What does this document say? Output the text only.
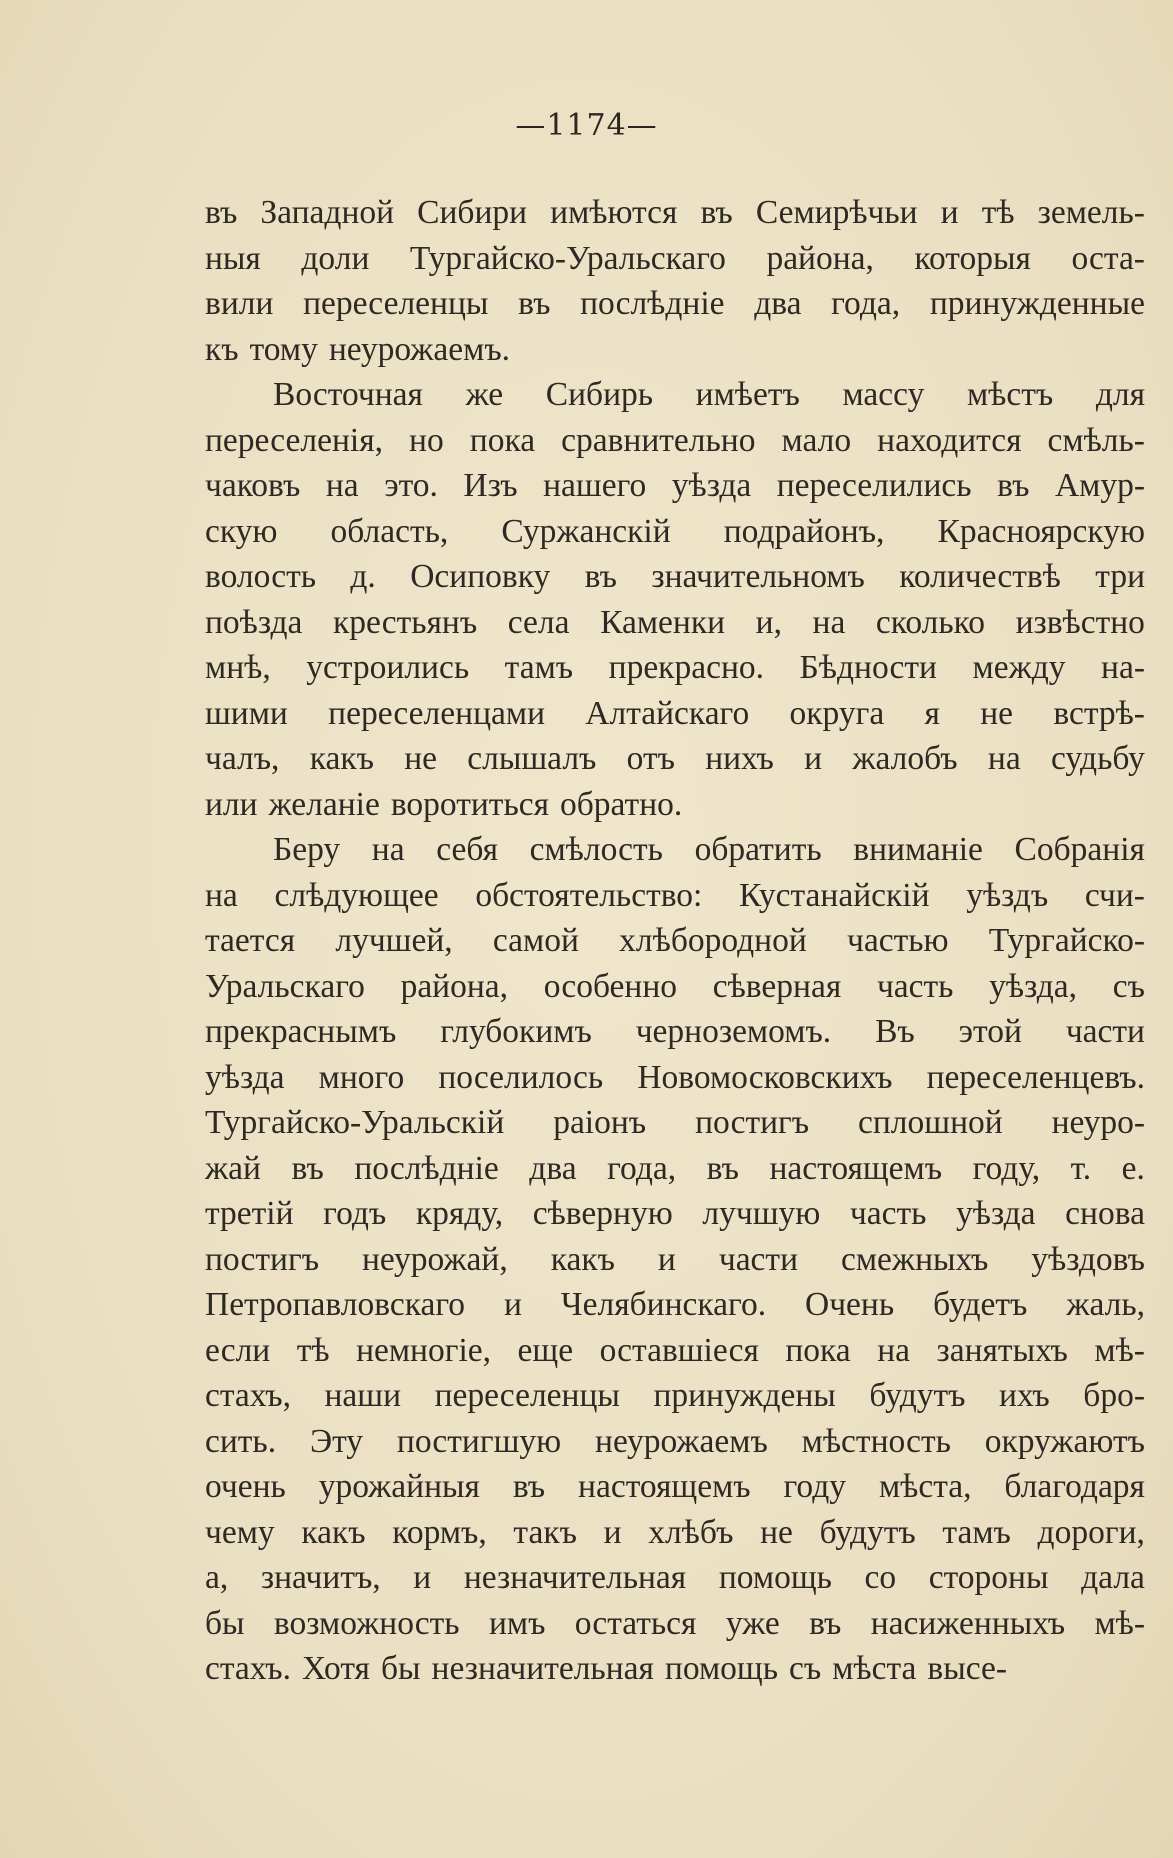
—1174—
въ Западной Сибири имѣются въ Семирѣчьи и тѣ земель-
ныя доли Тургайско-Уральскаго района, которыя оста-
вили переселенцы въ послѣдніе два года, принужденные
къ тому неурожаемъ.
Восточная же Сибирь имѣетъ массу мѣстъ для
переселенія, но пока сравнительно мало находится смѣль-
чаковъ на это. Изъ нашего уѣзда переселились въ Амур-
скую область, Суржанскій подрайонъ, Красноярскую
волость д. Осиповку въ значительномъ количествѣ три
поѣзда крестьянъ села Каменки и, на сколько извѣстно
мнѣ, устроились тамъ прекрасно. Бѣдности между на-
шими переселенцами Алтайскаго округа я не встрѣ-
чалъ, какъ не слышалъ отъ нихъ и жалобъ на судьбу
или желаніе воротиться обратно.
Беру на себя смѣлость обратить вниманіе Собранія
на слѣдующее обстоятельство: Кустанайскій уѣздъ счи-
тается лучшей, самой хлѣбородной частью Тургайско-
Уральскаго района, особенно сѣверная часть уѣзда, съ
прекраснымъ глубокимъ черноземомъ. Въ этой части
уѣзда много поселилось Новомосковскихъ переселенцевъ.
Тургайско-Уральскій раіонъ постигъ сплошной неуро-
жай въ послѣдніе два года, въ настоящемъ году, т. е.
третій годъ кряду, сѣверную лучшую часть уѣзда снова
постигъ неурожай, какъ и части смежныхъ уѣздовъ
Петропавловскаго и Челябинскаго. Очень будетъ жаль,
если тѣ немногіе, еще оставшіеся пока на занятыхъ мѣ-
стахъ, наши переселенцы принуждены будутъ ихъ бро-
сить. Эту постигшую неурожаемъ мѣстность окружаютъ
очень урожайныя въ настоящемъ году мѣста, благодаря
чему какъ кормъ, такъ и хлѣбъ не будутъ тамъ дороги,
а, значитъ, и незначительная помощь со стороны дала
бы возможность имъ остаться уже въ насиженныхъ мѣ-
стахъ. Хотя бы незначительная помощь съ мѣста высе-
